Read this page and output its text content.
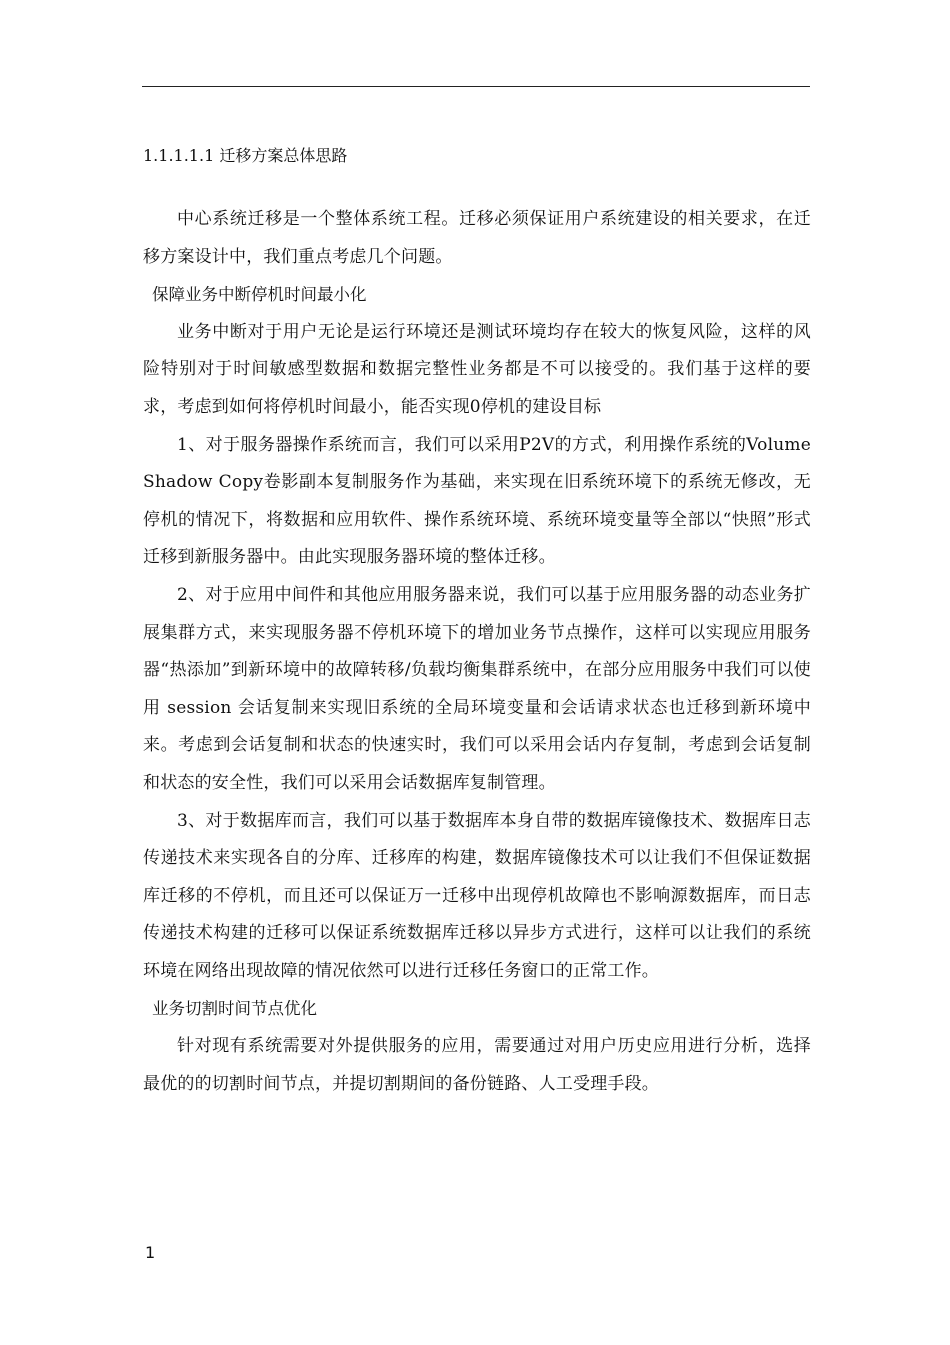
1.1.1.1.1 迁移方案总体思路

中心系统迁移是一个整体系统工程。迁移必须保证用户系统建设的相关要求，在迁移方案设计中，我们重点考虑几个问题。

保障业务中断停机时间最小化

业务中断对于用户无论是运行环境还是测试环境均存在较大的恢复风险，这样的风险特别对于时间敏感型数据和数据完整性业务都是不可以接受的。我们基于这样的要求，考虑到如何将停机时间最小，能否实现0停机的建设目标

1、对于服务器操作系统而言，我们可以采用P2V的方式，利用操作系统的Volume Shadow Copy卷影副本复制服务作为基础，来实现在旧系统环境下的系统无修改，无停机的情况下，将数据和应用软件、操作系统环境、系统环境变量等全部以“快照”形式迁移到新服务器中。由此实现服务器环境的整体迁移。

2、对于应用中间件和其他应用服务器来说，我们可以基于应用服务器的动态业务扩展集群方式，来实现服务器不停机环境下的增加业务节点操作，这样可以实现应用服务器“热添加”到新环境中的故障转移/负载均衡集群系统中，在部分应用服务中我们可以使用 session 会话复制来实现旧系统的全局环境变量和会话请求状态也迁移到新环境中来。考虑到会话复制和状态的快速实时，我们可以采用会话内存复制，考虑到会话复制和状态的安全性，我们可以采用会话数据库复制管理。

3、对于数据库而言，我们可以基于数据库本身自带的数据库镜像技术、数据库日志传递技术来实现各自的分库、迁移库的构建，数据库镜像技术可以让我们不但保证数据库迁移的不停机，而且还可以保证万一迁移中出现停机故障也不影响源数据库，而日志传递技术构建的迁移可以保证系统数据库迁移以异步方式进行，这样可以让我们的系统环境在网络出现故障的情况依然可以进行迁移任务窗口的正常工作。

业务切割时间节点优化

针对现有系统需要对外提供服务的应用，需要通过对用户历史应用进行分析，选择最优的的切割时间节点，并提切割期间的备份链路、人工受理手段。

1
